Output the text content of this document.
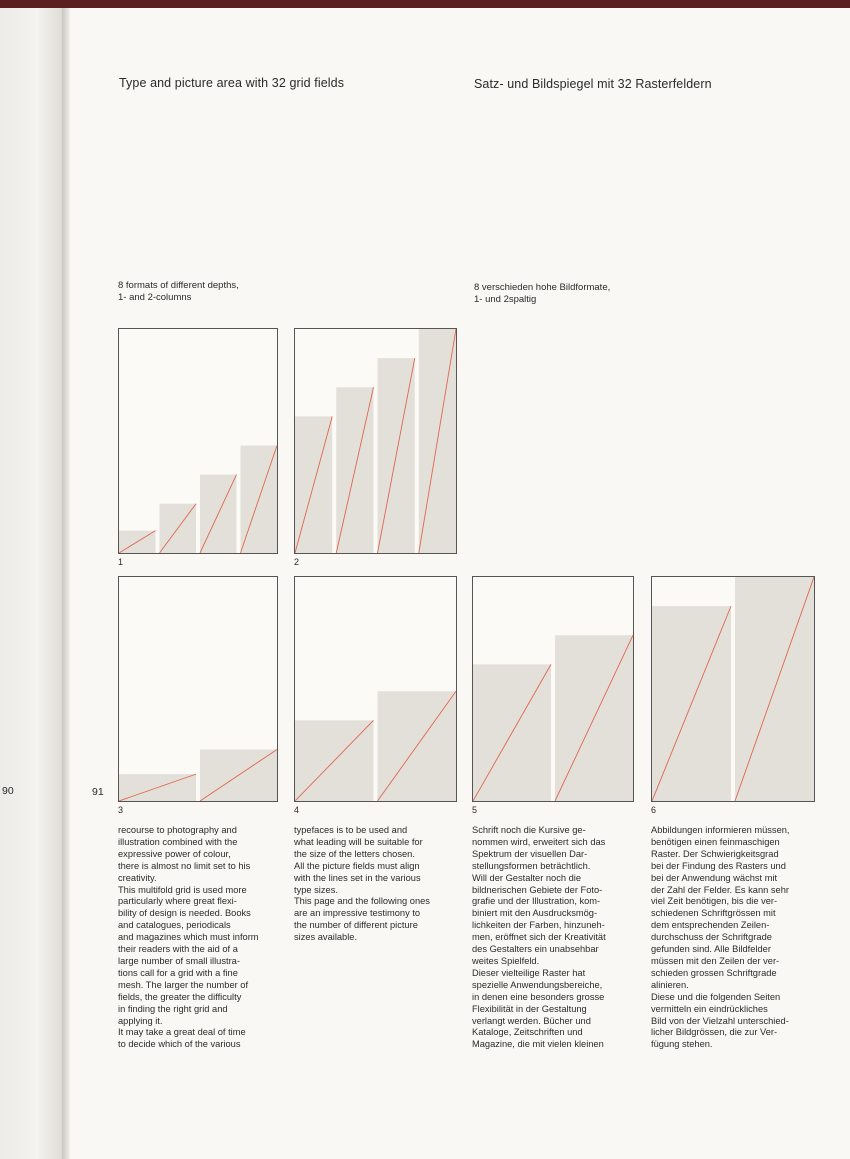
Type and picture area with 32 grid fields	Satz- und Bildspiegel mit 32 Rasterfeldern
8 formats of different depths,
1- and 2-columns
8 verschieden hohe Bildformate,
1- und 2spaltig
1	2
3	4	5	6
90	91

recourse to photography and

illustration combined with the

expressive power of colour,

there is almost no limit set to his

creativity.

This multifold grid is used more

particularly where great flexi-

bility of design is needed. Books

and catalogues, periodicals

and magazines which must inform

their readers with the aid of a

large number of small illustra-

tions call for a grid with a fine

mesh. The larger the number of

fields, the greater the difficulty

in finding the right grid and

applying it.

It may take a great deal of time

to decide which of the various

typefaces is to be used and

what leading will be suitable for

the size of the letters chosen.

All the picture fields must align

with the lines set in the various

type sizes.

This page and the following ones

are an impressive testimony to

the number of different picture

sizes available.

Schrift noch die Kursive ge-

nommen wird, erweitert sich das

Spektrum der visuellen Dar-

stellungsformen beträchtlich.

Will der Gestalter noch die

bildnerischen Gebiete der Foto-

grafie und der Illustration, kom-

biniert mit den Ausdrucksmög-

lichkeiten der Farben, hinzuneh-

men, eröffnet sich der Kreativität

des Gestalters ein unabsehbar

weites Spielfeld.

Dieser vielteilige Raster hat

spezielle Anwendungsbereiche,

in denen eine besonders grosse

Flexibilität in der Gestaltung

verlangt werden. Bücher und

Kataloge, Zeitschriften und

Magazine, die mit vielen kleinen

Abbildungen informieren müssen,

benötigen einen feinmaschigen

Raster. Der Schwierigkeitsgrad

bei der Findung des Rasters und

bei der Anwendung wächst mit

der Zahl der Felder. Es kann sehr

viel Zeit benötigen, bis die ver-

schiedenen Schriftgrössen mit

dem entsprechenden Zeilen-

durchschuss der Schriftgrade

gefunden sind. Alle Bildfelder

müssen mit den Zeilen der ver-

schieden grossen Schriftgrade

alinieren.

Diese und die folgenden Seiten

vermitteln ein eindrückliches

Bild von der Vielzahl unterschied-

licher Bildgrössen, die zur Ver-

fügung stehen.
